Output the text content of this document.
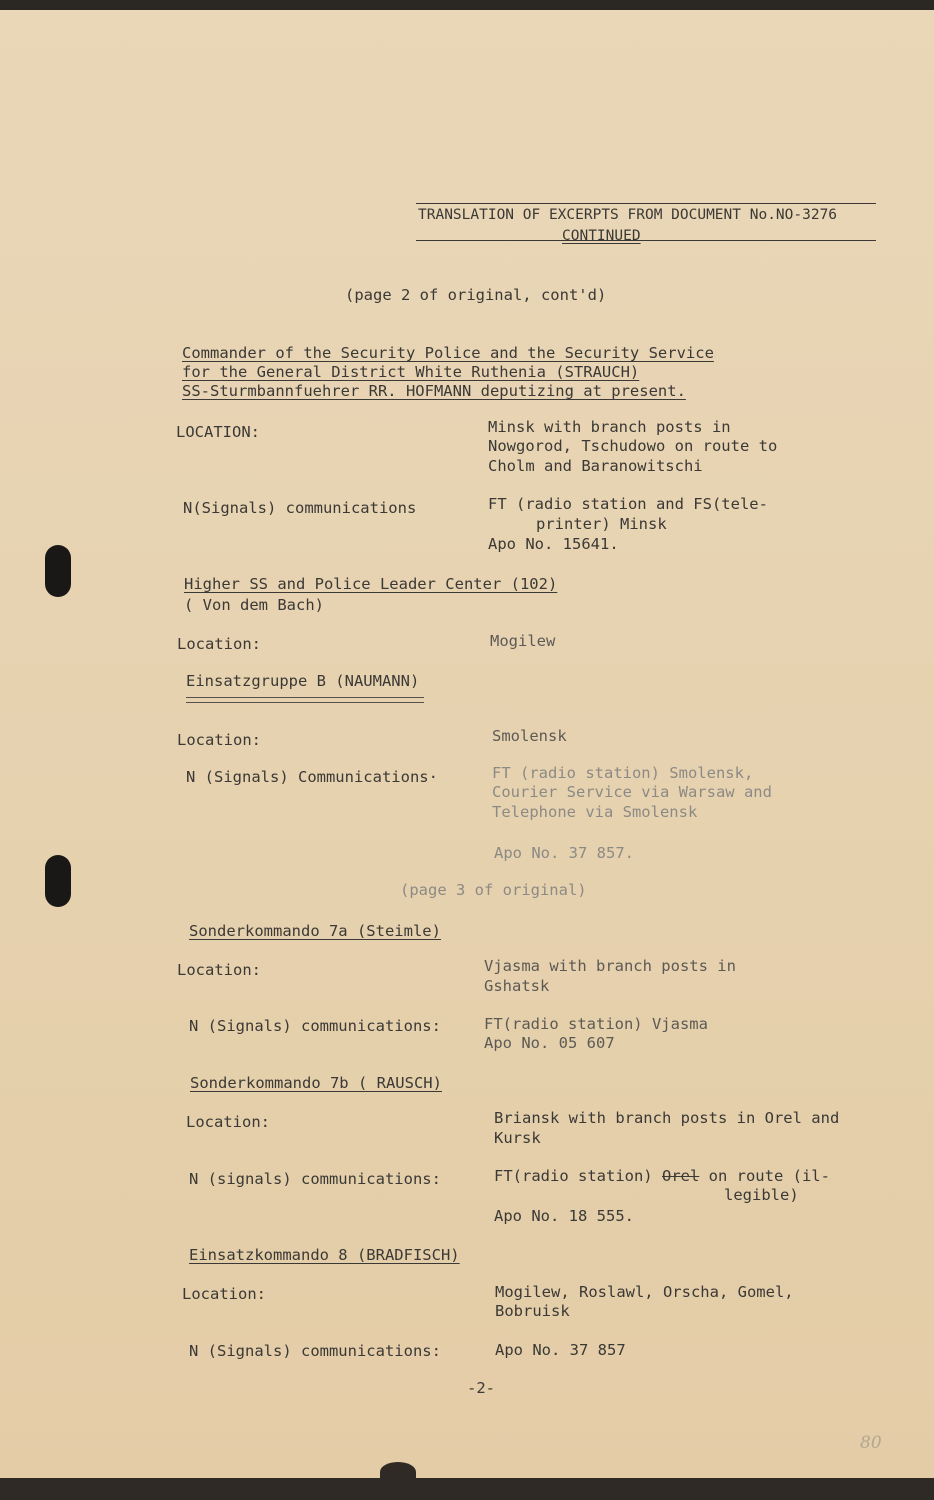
TRANSLATION OF EXCERPTS FROM DOCUMENT No.NO-3276
CONTINUED
(page 2 of original, cont'd)
Commander of the Security Police and the Security Service
for the General District White Ruthenia (STRAUCH)
SS-Sturmbannfuehrer RR. HOFMANN deputizing at present.
LOCATION:	Minsk with branch posts in
Nowgorod, Tschudowo on route to
Cholm and Baranowitschi
N(Signals) communications	FT (radio station and FS(tele-
printer) Minsk
Apo No. 15641.
Higher SS and Police Leader Center (102)
( Von dem Bach)
Location:	Mogilew
Einsatzgruppe B (NAUMANN)
Location:	Smolensk
N (Signals) Communications·	FT (radio station) Smolensk,
Courier Service via Warsaw and
Telephone via Smolensk
Apo No. 37 857.
(page 3 of original)
Sonderkommando 7a (Steimle)
Location:	Vjasma with branch posts in
Gshatsk
N (Signals) communications:	FT(radio station) Vjasma
Apo No. 05 607
Sonderkommando 7b ( RAUSCH)
Location:	Briansk with branch posts in Orel and
Kursk
N (signals) communications:	FT(radio station) Orel on route (il-
legible)
Apo No. 18 555.
Einsatzkommando 8 (BRADFISCH)
Location:	Mogilew, Roslawl, Orscha, Gomel,
Bobruisk
N (Signals) communications:	Apo No. 37 857
-2-
80
